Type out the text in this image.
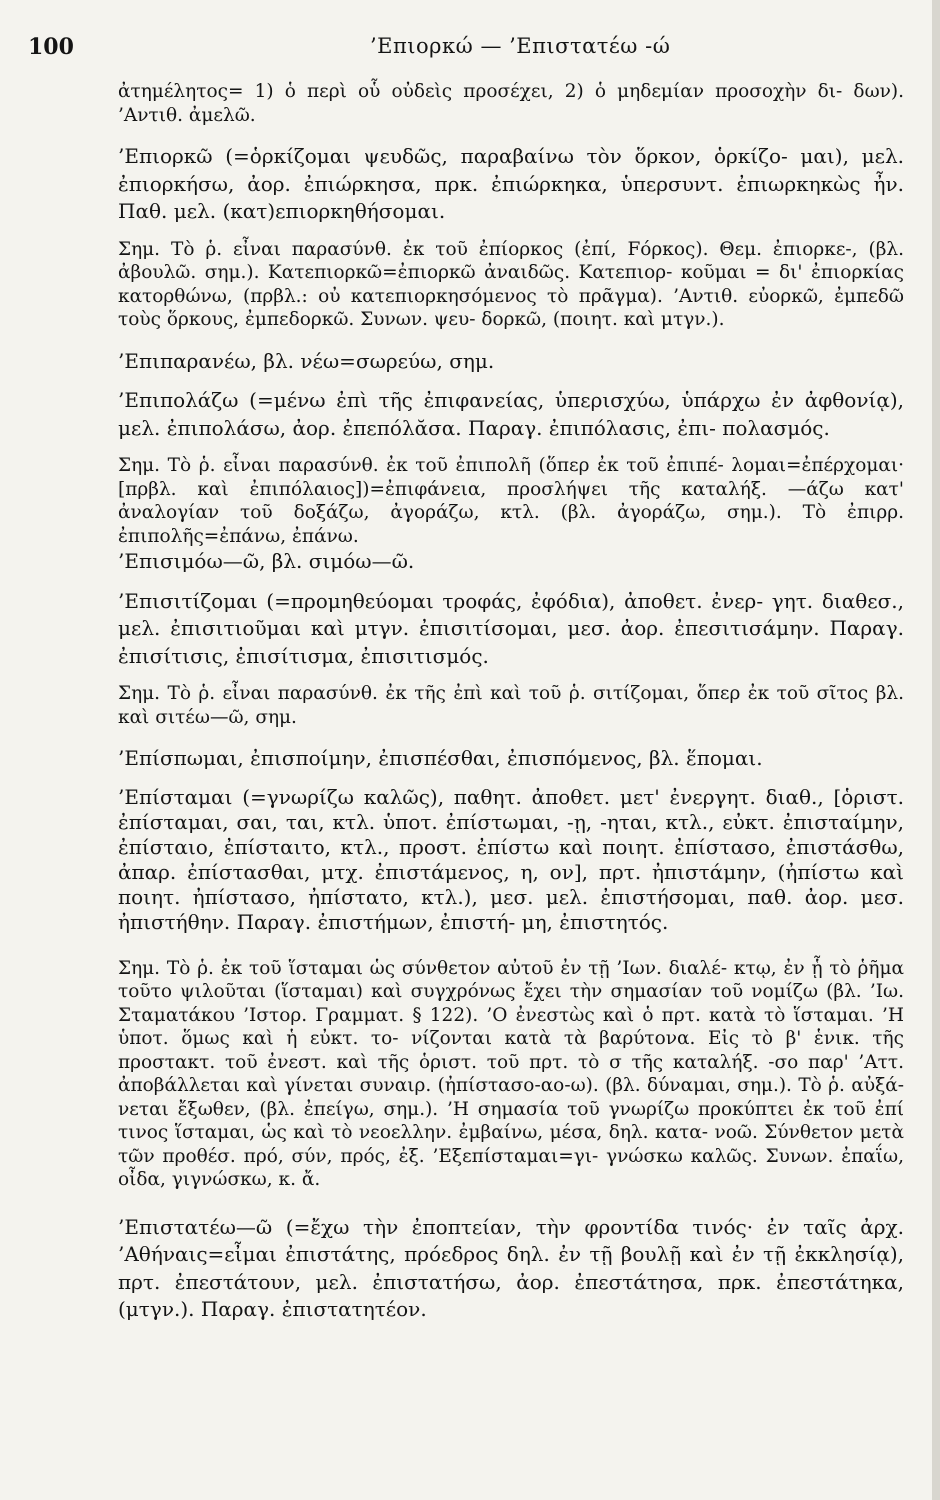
100	’Επιορκώ — ’Επιστατέω -ώ

ἀτημέλητος= 1) ὁ περὶ οὗ οὐδεὶς προσέχει, 2) ὁ μηδεμίαν προσοχὴν δι- δων). ’Αντιθ. ἀμελῶ.

’Επιορκῶ (=ὁρκίζομαι ψευδῶς, παραβαίνω τὸν ὅρκον, ὁρκίζο- μαι), μελ. ἐπιορκήσω, ἀορ. ἐπιώρκησα, πρκ. ἐπιώρκηκα, ὑπερσυντ. ἐπιωρκηκὼς ἦν. Παθ. μελ. (κατ)επιορκηθήσομαι.

Σημ. Τὸ ῥ. εἶναι παρασύνθ. ἐκ τοῦ ἐπίορκος (ἐπί, Fόρκος). Θεμ. ἐπιορκε-, (βλ. ἀβουλῶ. σημ.). Κατεπιορκῶ=ἐπιορκῶ ἀναιδῶς. Κατεπιορ- κοῦμαι = δι' ἐπιορκίας κατορθώνω, (πρβλ.: οὐ κατεπιορκησόμενος τὸ πρᾶγμα). ’Αντιθ. εὐορκῶ, ἐμπεδῶ τοὺς ὅρκους, ἐμπεδορκῶ. Συνων. ψευ- δορκῶ, (ποιητ. καὶ μτγν.).

’Επιπαρανέω, βλ. νέω=σωρεύω, σημ.

’Επιπολάζω (=μένω ἐπὶ τῆς ἐπιφανείας, ὑπερισχύω, ὑπάρχω ἐν ἀφθονίᾳ), μελ. ἐπιπολάσω, ἀορ. ἐπεπόλᾰσα. Παραγ. ἐπιπόλασις, ἐπι- πολασμός.

Σημ. Τὸ ῥ. εἶναι παρασύνθ. ἐκ τοῦ ἐπιπολῆ (ὅπερ ἐκ τοῦ ἐπιπέ- λομαι=ἐπέρχομαι· [πρβλ. καὶ ἐπιπόλαιος])=ἐπιφάνεια, προσλήψει τῆς καταλήξ. —άζω κατ' ἀναλογίαν τοῦ δοξάζω, ἀγοράζω, κτλ. (βλ. ἀγοράζω, σημ.). Τὸ ἐπιρρ. ἐπιπολῆς=ἐπάνω, ἐπάνω.

’Επισιμόω—ῶ, βλ. σιμόω—ῶ.

’Επισιτίζομαι (=προμηθεύομαι τροφάς, ἐφόδια), ἀποθετ. ἐνερ- γητ. διαθεσ., μελ. ἐπισιτιοῦμαι καὶ μτγν. ἐπισιτίσομαι, μεσ. ἀορ. ἐπεσιτισάμην. Παραγ. ἐπισίτισις, ἐπισίτισμα, ἐπισιτισμός.

Σημ. Τὸ ῥ. εἶναι παρασύνθ. ἐκ τῆς ἐπὶ καὶ τοῦ ῥ. σιτίζομαι, ὅπερ ἐκ τοῦ σῖτος βλ. καὶ σιτέω—ῶ, σημ.

’Επίσπωμαι, ἐπισποίμην, ἐπισπέσθαι, ἐπισπόμενος, βλ. ἕπομαι.

’Επίσταμαι (=γνωρίζω καλῶς), παθητ. ἀποθετ. μετ' ἐνεργητ. διαθ., [ὁριστ. ἐπίσταμαι, σαι, ται, κτλ. ὑποτ. ἐπίστωμαι, -ῃ, -ηται, κτλ., εὐκτ. ἐπισταίμην, ἐπίσταιο, ἐπίσταιτο, κτλ., προστ. ἐπίστω καὶ ποιητ. ἐπίστασο, ἐπιστάσθω, ἀπαρ. ἐπίστασθαι, μτχ. ἐπιστάμενος, η, ον], πρτ. ἠπιστάμην, (ἠπίστω καὶ ποιητ. ἠπίστασο, ἠπίστατο, κτλ.), μεσ. μελ. ἐπιστήσομαι, παθ. ἀορ. μεσ. ἠπιστήθην. Παραγ. ἐπιστήμων, ἐπιστή- μη, ἐπιστητός.

Σημ. Τὸ ῥ. ἐκ τοῦ ἵσταμαι ὡς σύνθετον αὐτοῦ ἐν τῇ ’Ιων. διαλέ- κτῳ, ἐν ᾗ τὸ ῥῆμα τοῦτο ψιλοῦται (ἵσταμαι) καὶ συγχρόνως ἔχει τὴν σημασίαν τοῦ νομίζω (βλ. ’Ιω. Σταματάκου ’Ιστορ. Γραμματ. § 122). ’Ο ἐνεστὼς καὶ ὁ πρτ. κατὰ τὸ ἵσταμαι. ’Η ὑποτ. ὅμως καὶ ἡ εὐκτ. το- νίζονται κατὰ τὰ βαρύτονα. Εἰς τὸ β' ἑνικ. τῆς προστακτ. τοῦ ἐνεστ. καὶ τῆς ὁριστ. τοῦ πρτ. τὸ σ τῆς καταλήξ. -σο παρ' ’Αττ. ἀποβάλλεται καὶ γίνεται συναιρ. (ἠπίστασο-αο-ω). (βλ. δύναμαι, σημ.). Τὸ ῥ. αὐξά- νεται ἔξωθεν, (βλ. ἐπείγω, σημ.). ’Η σημασία τοῦ γνωρίζω προκύπτει ἐκ τοῦ ἐπί τινος ἵσταμαι, ὡς καὶ τὸ νεοελλην. ἐμβαίνω, μέσα, δηλ. κατα- νοῶ. Σύνθετον μετὰ τῶν προθέσ. πρό, σύν, πρός, ἐξ. ’Εξεπίσταμαι=γι- γνώσκω καλῶς. Συνων. ἐπαΐω, οἶδα, γιγνώσκω, κ. ἄ.

’Επιστατέω—ῶ (=ἔχω τὴν ἐποπτείαν, τὴν φροντίδα τινός· ἐν ταῖς ἀρχ. ’Αθήναις=εἶμαι ἐπιστάτης, πρόεδρος δηλ. ἐν τῇ βουλῇ καὶ ἐν τῇ ἐκκλησίᾳ), πρτ. ἐπεστάτουν, μελ. ἐπιστατήσω, ἀορ. ἐπεστάτησα, πρκ. ἐπεστάτηκα, (μτγν.). Παραγ. ἐπιστατητέον.
